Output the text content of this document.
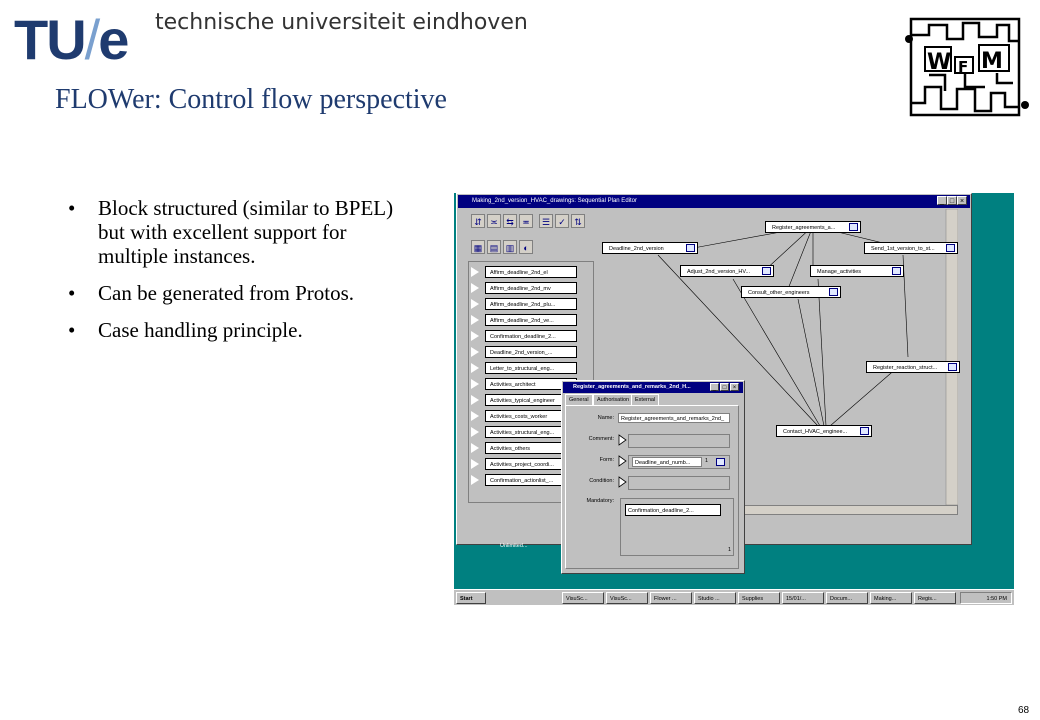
TU/e technische universiteit eindhoven
FLOWer: Control flow perspective
W F M
• Block structured (similar to BPEL) but with excellent support for multiple instances.
• Can be generated from Protos.
• Case handling principle.
68
Making_2nd_version_HVAC_drawings: Sequential Plan Editor	_ □ ×
⇵ ≍ ⇆ ≖	☰ ✓ ⇅
▦ ▤ ▥	◐
Affirm_deadline_2nd_el
Affirm_deadline_2nd_mv
Affirm_deadline_2nd_plu...
Affirm_deadline_2nd_ve...
Confirmation_deadline_2...
Deadline_2nd_version_...
Letter_to_structural_eng...
Activities_architect
Activities_typical_engineer
Activities_costs_worker
Activities_structural_eng...
Activities_others
Activities_project_coordi...
Confirmation_actionlist_...
Register_agreements_a...
Deadline_2nd_version	Send_1st_version_to_st...
Adjust_2nd_version_HV...	Manage_activities
Consult_other_engineers
Register_reaction_struct...
Contact_HVAC_enginee...
Unlimited...
Register_agreements_and_remarks_2nd_H...	_	□	×
General	Authorisation	External
Name:	Register_agreements_and_remarks_2nd_
Comment:
Form:	Deadline_and_numb...	1
Condition:
Mandatory:
Confirmation_deadline_2...
1
Start	VisuSc...	VisuSc...	Flower ...	Studio ...	Supplies	15/01/...	Docum...	Making...	Regis...	1:50 PM
